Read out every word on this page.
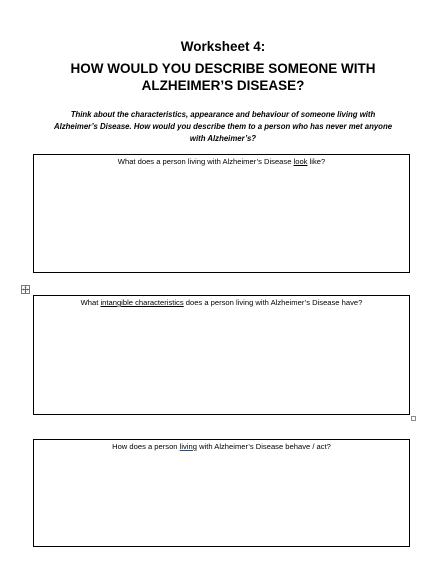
Worksheet 4:
HOW WOULD YOU DESCRIBE SOMEONE WITH
ALZHEIMER’S DISEASE?
Think about the characteristics, appearance and behaviour of someone living with
Alzheimer’s Disease. How would you describe them to a person who has never met anyone
with Alzheimer’s?
What does a person living with Alzheimer’s Disease look like?
What intangible characteristics does a person living with Alzheimer’s Disease have?
How does a person living with Alzheimer’s Disease behave / act?
